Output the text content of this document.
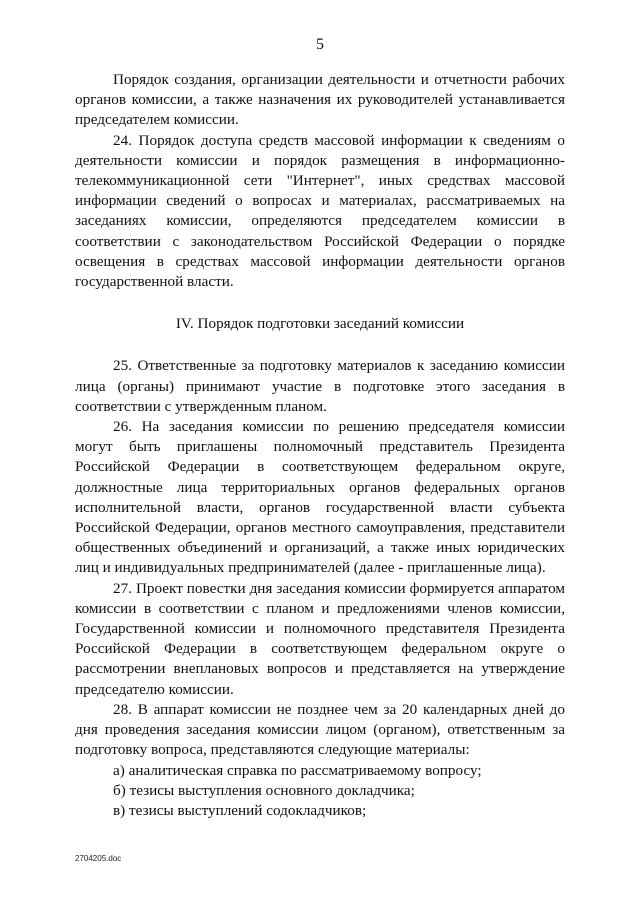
5

Порядок создания, организации деятельности и отчетности рабочих органов комиссии, а также назначения их руководителей устанавливается председателем комиссии.

24. Порядок доступа средств массовой информации к сведениям о деятельности комиссии и порядок размещения в информационно-телекоммуникационной сети "Интернет", иных средствах массовой информации сведений о вопросах и материалах, рассматриваемых на заседаниях комиссии, определяются председателем комиссии в соответствии с законодательством Российской Федерации о порядке освещения в средствах массовой информации деятельности органов государственной власти.

IV. Порядок подготовки заседаний комиссии

25. Ответственные за подготовку материалов к заседанию комиссии лица (органы) принимают участие в подготовке этого заседания в соответствии с утвержденным планом.

26. На заседания комиссии по решению председателя комиссии могут быть приглашены полномочный представитель Президента Российской Федерации в соответствующем федеральном округе, должностные лица территориальных органов федеральных органов исполнительной власти, органов государственной власти субъекта Российской Федерации, органов местного самоуправления, представители общественных объединений и организаций, а также иных юридических лиц и индивидуальных предпринимателей (далее - приглашенные лица).

27. Проект повестки дня заседания комиссии формируется аппаратом комиссии в соответствии с планом и предложениями членов комиссии, Государственной комиссии и полномочного представителя Президента Российской Федерации в соответствующем федеральном округе о рассмотрении внеплановых вопросов и представляется на утверждение председателю комиссии.

28. В аппарат комиссии не позднее чем за 20 календарных дней до дня проведения заседания комиссии лицом (органом), ответственным за подготовку вопроса, представляются следующие материалы:

а) аналитическая справка по рассматриваемому вопросу;

б) тезисы выступления основного докладчика;

в) тезисы выступлений содокладчиков;

2704205.doc
